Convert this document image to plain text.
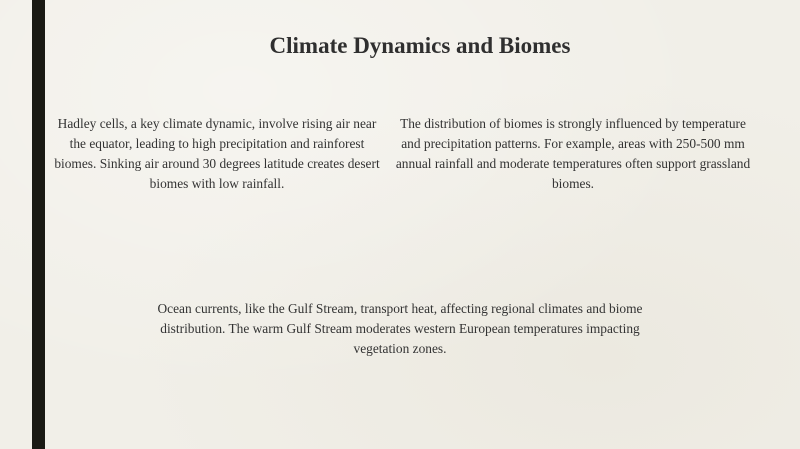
Climate Dynamics and Biomes
Hadley cells, a key climate dynamic, involve rising air near the equator, leading to high precipitation and rainforest biomes. Sinking air around 30 degrees latitude creates desert biomes with low rainfall.
The distribution of biomes is strongly influenced by temperature and precipitation patterns. For example, areas with 250-500 mm annual rainfall and moderate temperatures often support grassland biomes.
Ocean currents, like the Gulf Stream, transport heat, affecting regional climates and biome distribution. The warm Gulf Stream moderates western European temperatures impacting vegetation zones.
